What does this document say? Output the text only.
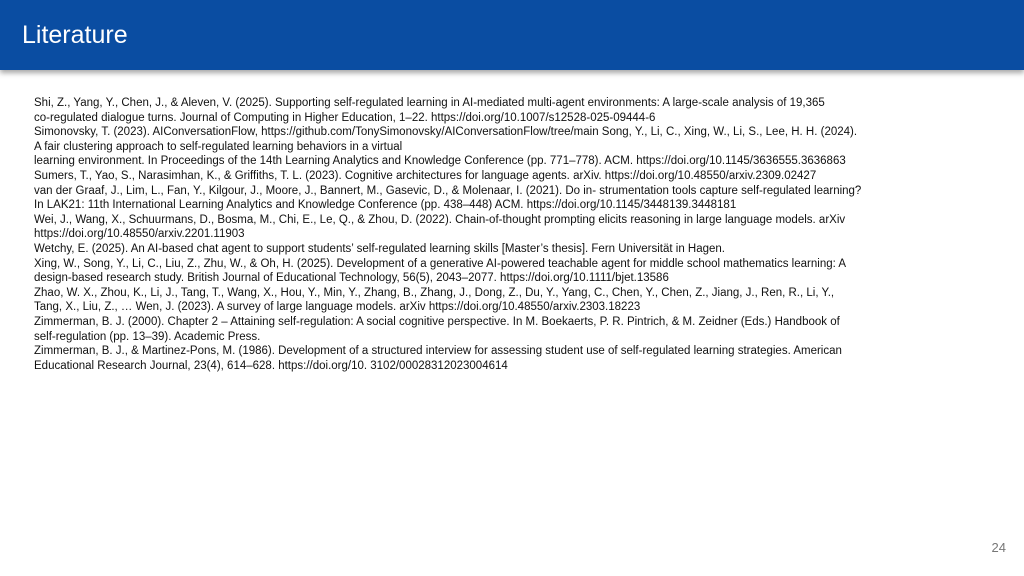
Literature
Shi, Z., Yang, Y., Chen, J., & Aleven, V. (2025). Supporting self-regulated learning in AI-mediated multi-agent environments: A large-scale analysis of 19,365
co-regulated dialogue turns. Journal of Computing in Higher Education, 1–22. https://doi.org/10.1007/s12528-025-09444-6
Simonovsky, T. (2023). AIConversationFlow, https://github.com/TonySimonovsky/AIConversationFlow/tree/main Song, Y., Li, C., Xing, W., Li, S., Lee, H. H. (2024).
A fair clustering approach to self-regulated learning behaviors in a virtual
learning environment. In Proceedings of the 14th Learning Analytics and Knowledge Conference (pp. 771–778). ACM. https://doi.org/10.1145/3636555.3636863
Sumers, T., Yao, S., Narasimhan, K., & Griffiths, T. L. (2023). Cognitive architectures for language agents. arXiv. https://doi.org/10.48550/arxiv.2309.02427
van der Graaf, J., Lim, L., Fan, Y., Kilgour, J., Moore, J., Bannert, M., Gasevic, D., & Molenaar, I. (2021). Do in- strumentation tools capture self-regulated learning?
In LAK21: 11th International Learning Analytics and Knowledge Conference (pp. 438–448) ACM. https://doi.org/10.1145/3448139.3448181
Wei, J., Wang, X., Schuurmans, D., Bosma, M., Chi, E., Le, Q., & Zhou, D. (2022). Chain-of-thought prompting elicits reasoning in large language models. arXiv
https://doi.org/10.48550/arxiv.2201.11903
Wetchy, E. (2025). An AI-based chat agent to support students’ self-regulated learning skills [Master’s thesis]. Fern Universität in Hagen.
Xing, W., Song, Y., Li, C., Liu, Z., Zhu, W., & Oh, H. (2025). Development of a generative AI‐powered teachable agent for middle school mathematics learning: A
design‐based research study. British Journal of Educational Technology, 56(5), 2043–2077. https://doi.org/10.1111/bjet.13586
Zhao, W. X., Zhou, K., Li, J., Tang, T., Wang, X., Hou, Y., Min, Y., Zhang, B., Zhang, J., Dong, Z., Du, Y., Yang, C., Chen, Y., Chen, Z., Jiang, J., Ren, R., Li, Y.,
Tang, X., Liu, Z., … Wen, J. (2023). A survey of large language models. arXiv https://doi.org/10.48550/arxiv.2303.18223
Zimmerman, B. J. (2000). Chapter 2 – Attaining self-regulation: A social cognitive perspective. In M. Boekaerts, P. R. Pintrich, & M. Zeidner (Eds.) Handbook of
self-regulation (pp. 13–39). Academic Press.
Zimmerman, B. J., & Martinez-Pons, M. (1986). Development of a structured interview for assessing student use of self-regulated learning strategies. American
Educational Research Journal, 23(4), 614–628. https://doi.org/10. 3102/00028312023004614
24
